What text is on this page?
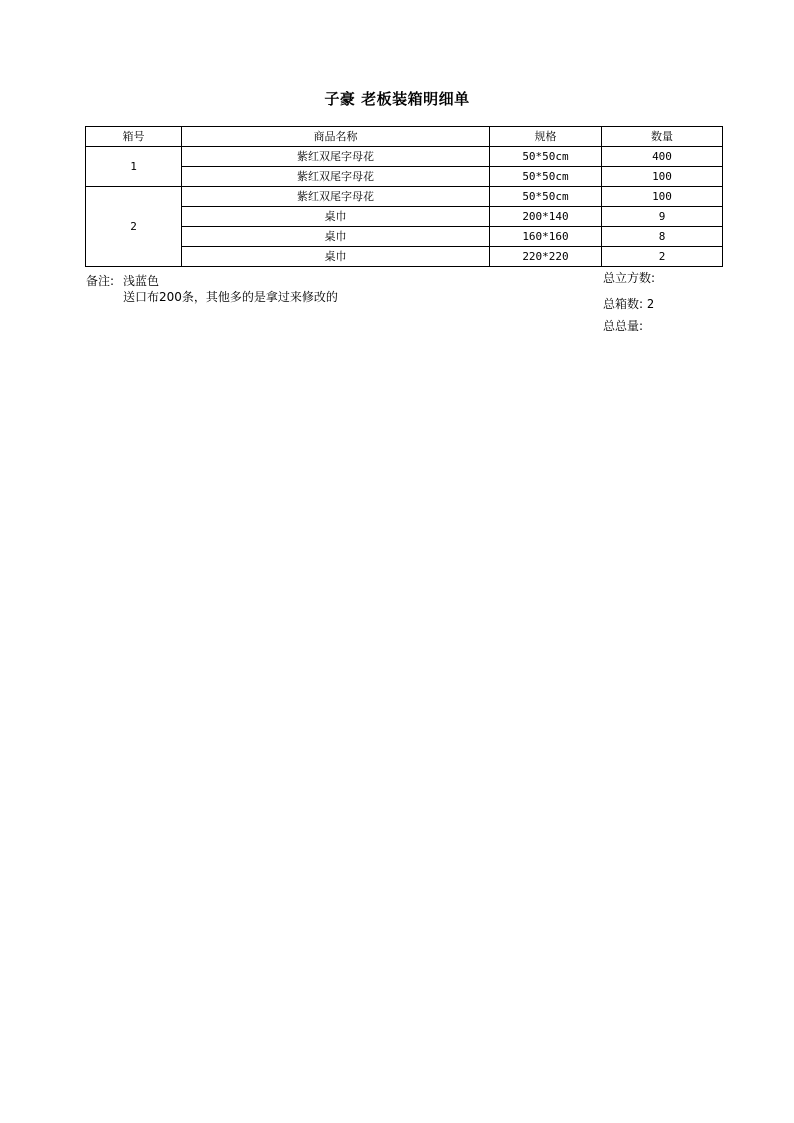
子豪 老板装箱明细单
箱号	商品名称	规格	数量
1	紫红双尾字母花	50*50cm	400
	紫红双尾字母花	50*50cm	100
2	紫红双尾字母花	50*50cm	100
	桌巾	200*140	9
	桌巾	160*160	8
	桌巾	220*220	2
备注: 浅蓝色
送口布200条，其他多的是拿过来修改的
总立方数:
总箱数: 2
总总量:
